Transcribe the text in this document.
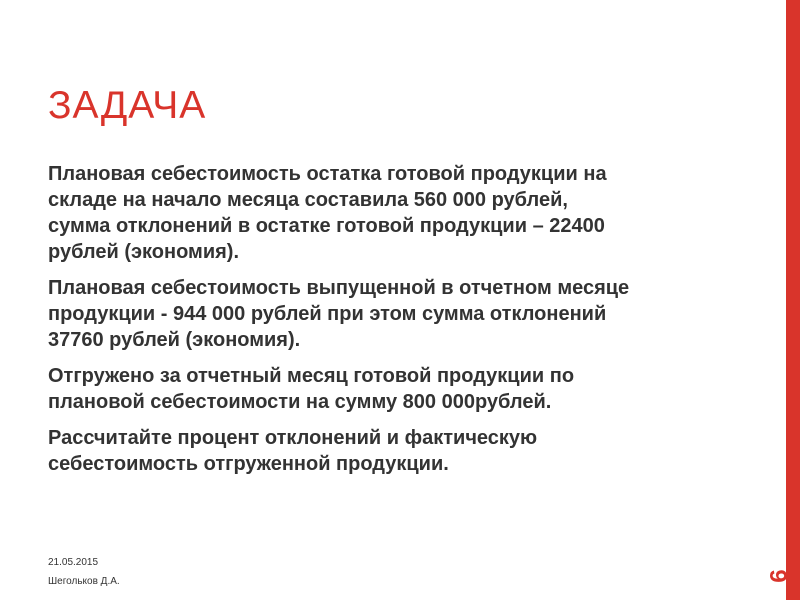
ЗАДАЧА

Плановая себестоимость остатка готовой продукции на
складе на начало месяца составила 560 000 рублей,
сумма отклонений в остатке готовой продукции – 22400
рублей (экономия).

Плановая себестоимость выпущенной в отчетном месяце
продукции - 944 000 рублей при этом сумма отклонений
37760 рублей (экономия).

Отгружено за отчетный месяц готовой продукции по
плановой себестоимости на сумму 800 000рублей.

Рассчитайте процент отклонений и фактическую
себестоимость отгруженной продукции.

21.05.2015
Шегольков Д.А.	9
